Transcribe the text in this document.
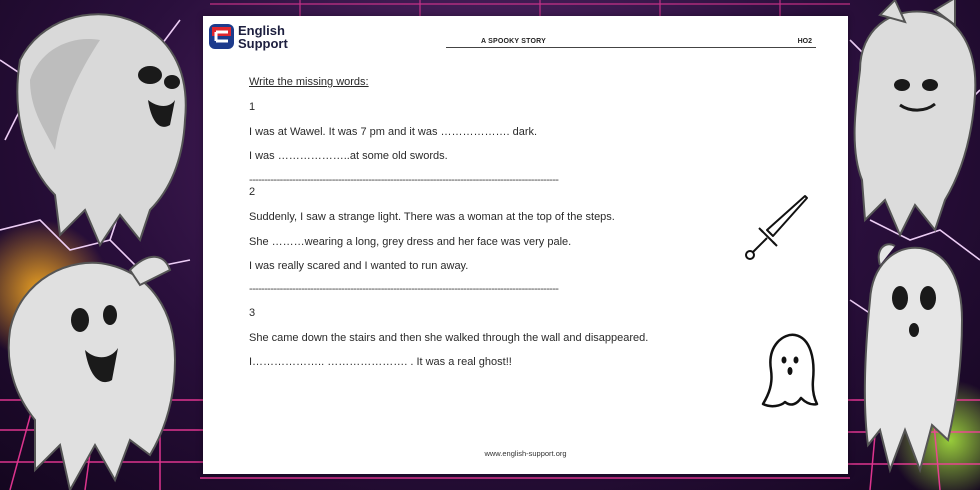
English
Support	A SPOOKY STORY	HO2
Write the missing words:
1
I was at Wawel. It was 7 pm and it was ………………. dark.
I was ………………..at some old swords.
-----------------------------------------------------------------------------------------------------
2
Suddenly, I saw a strange light. There was a woman at the top of the steps.
She ………wearing a long, grey dress and her face was very pale.
I was really scared and I wanted to run away.
-----------------------------------------------------------------------------------------------------
3
She came down the stairs and then she walked through the wall and disappeared.
I……………….. …………………. . It was a real ghost!!
www.english-support.org
